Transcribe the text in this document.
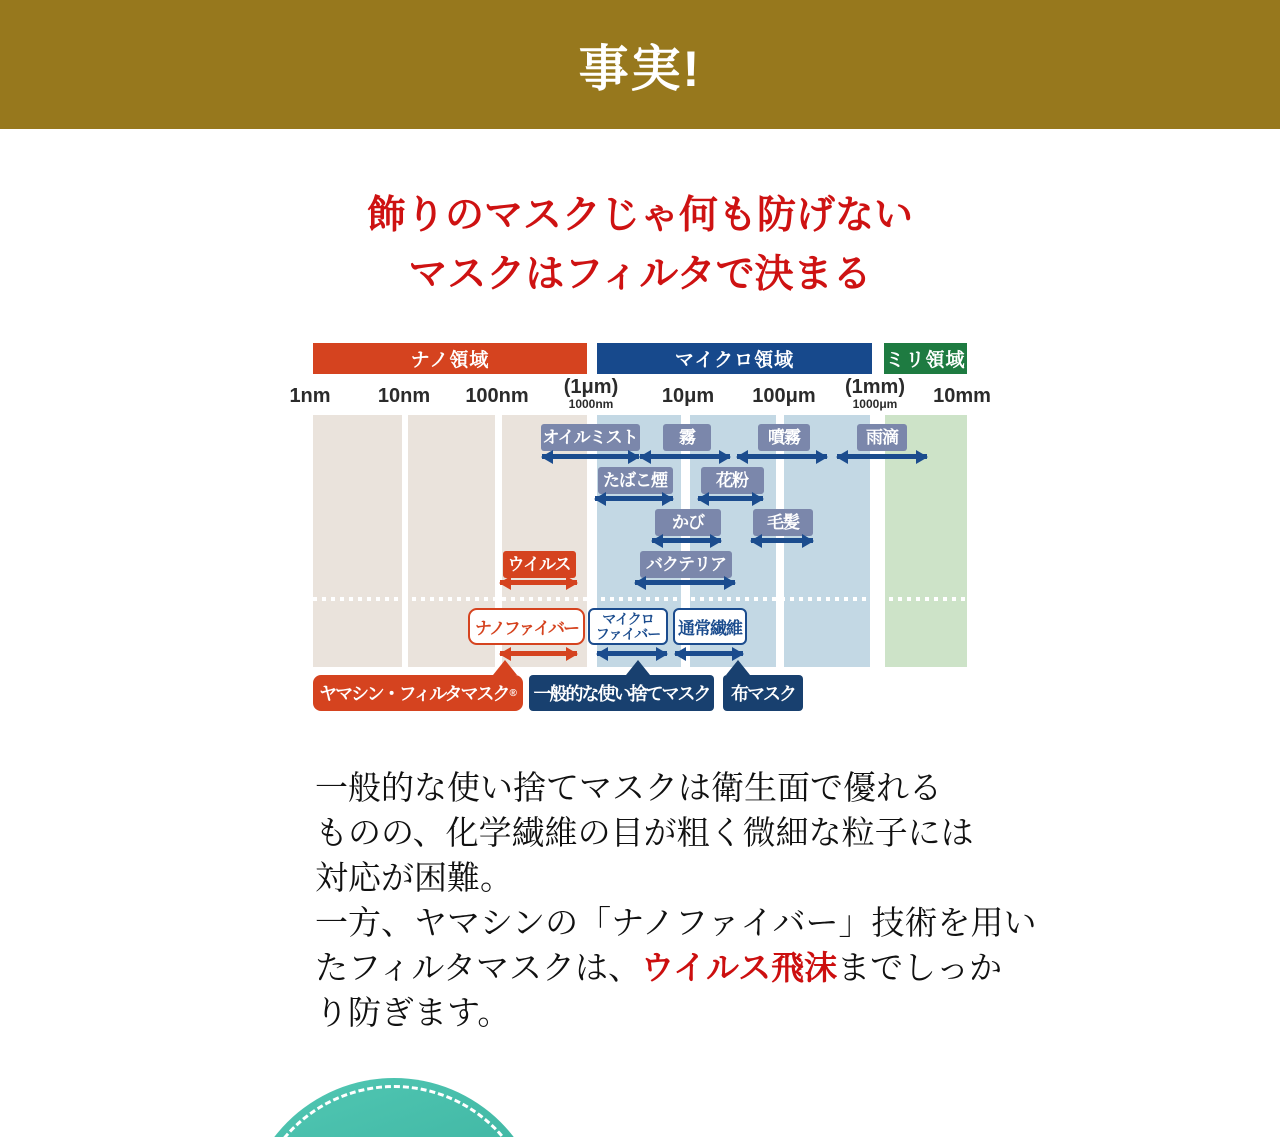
事実!
飾りのマスクじゃ何も防げない
マスクはフィルタで決まる
ナノ領域	マイクロ領域	ミリ領域
1nm 10nm 100nm (1μm)
1000nm 10μm 100μm (1mm)
1000μm	10mm
オイルミスト	霧	噴霧	雨滴
たばこ煙	花粉
かび	毛髪
ウイルス	バクテリア
ナノファイバー
マイクロ
ファイバー 通常繊維
ヤマシン・フィルタマスク ® 一般的な使い捨てマスク 布マスク
一般的な使い捨てマスクは衛生面で優れる
ものの、化学繊維の目が粗く微細な粒子には
対応が困難。
一方、ヤマシンの「ナノファイバー」技術を用い
たフィルタマスクは、ウイルス飛沫までしっか
り防ぎます。
